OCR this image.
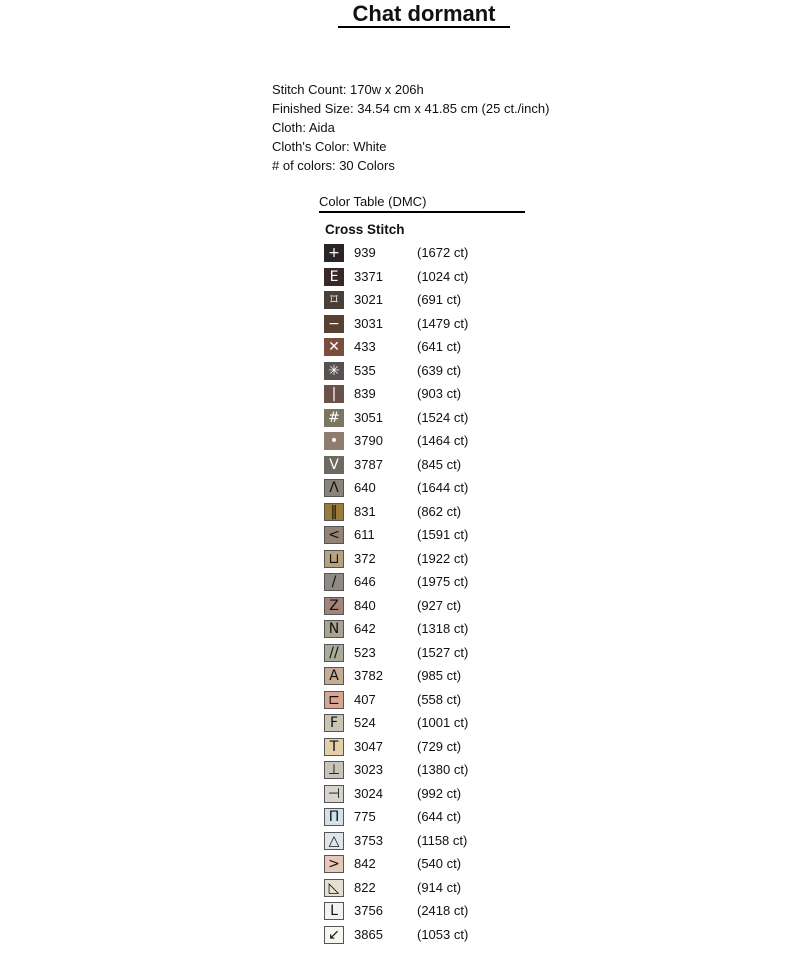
Chat dormant
Stitch Count: 170w x 206h
Finished Size: 34.54 cm x 41.85 cm (25 ct./inch)
Cloth: Aida
Cloth's Color: White
# of colors: 30 Colors
Color Table (DMC)
Cross Stitch
+	939	(1672 ct)
E	3371	(1024 ct)
⌑	3021	(691 ct)
−	3031	(1479 ct)
✕	433	(641 ct)
✳	535	(639 ct)
|	839	(903 ct)
#	3051	(1524 ct)
•	3790	(1464 ct)
V	3787	(845 ct)
Λ	640	(1644 ct)
‖	831	(862 ct)
<	611	(1591 ct)
⊔	372	(1922 ct)
/	646	(1975 ct)
Z	840	(927 ct)
N	642	(1318 ct)
//	523	(1527 ct)
A	3782	(985 ct)
⊏	407	(558 ct)
F	524	(1001 ct)
T	3047	(729 ct)
⊥	3023	(1380 ct)
⊣	3024	(992 ct)
Π	775	(644 ct)
△	3753	(1158 ct)
>	842	(540 ct)
◺	822	(914 ct)
L	3756	(2418 ct)
↙	3865	(1053 ct)
